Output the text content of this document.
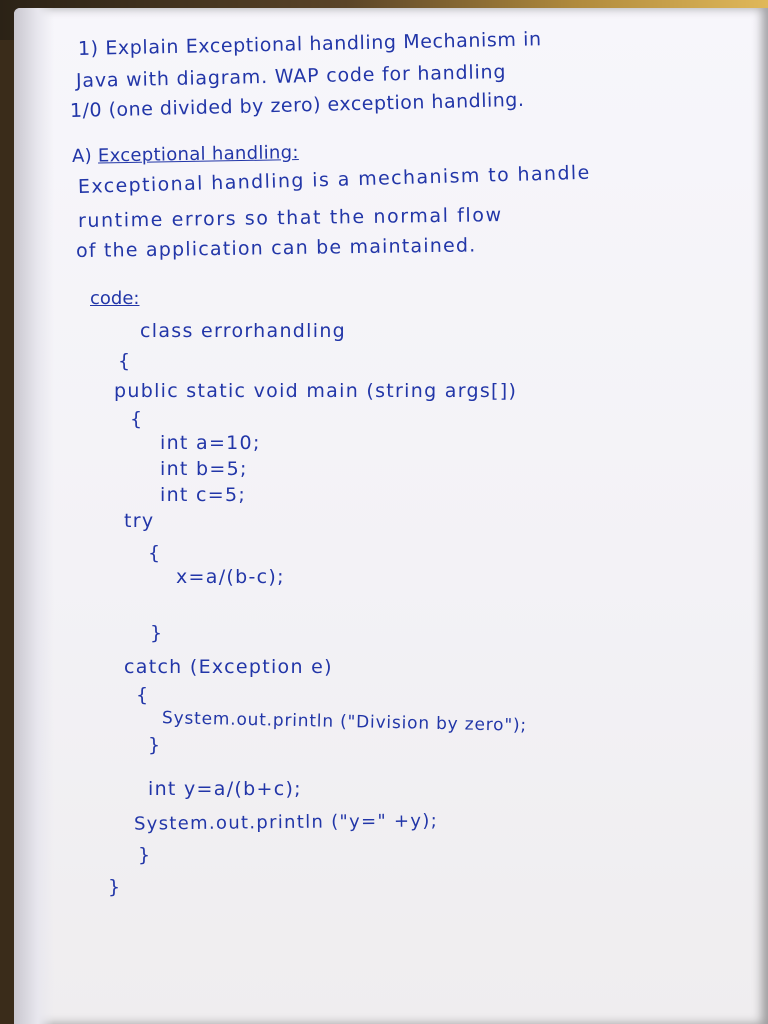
1) Explain Exceptional handling Mechanism in
Java with diagram. WAP code for handling
1/0 (one divided by zero) exception handling.
A) Exceptional handling:
Exceptional handling is a mechanism to handle
runtime errors so that the normal flow
of the application can be maintained.
code:
class errorhandling
{
public static void main (string args[])
{
int a=10;
int b=5;
int c=5;
try
{
x=a/(b-c);
}
catch (Exception e)
{
System.out.println ("Division by zero");
}
int y=a/(b+c);
System.out.println ("y=" +y);
}
}
